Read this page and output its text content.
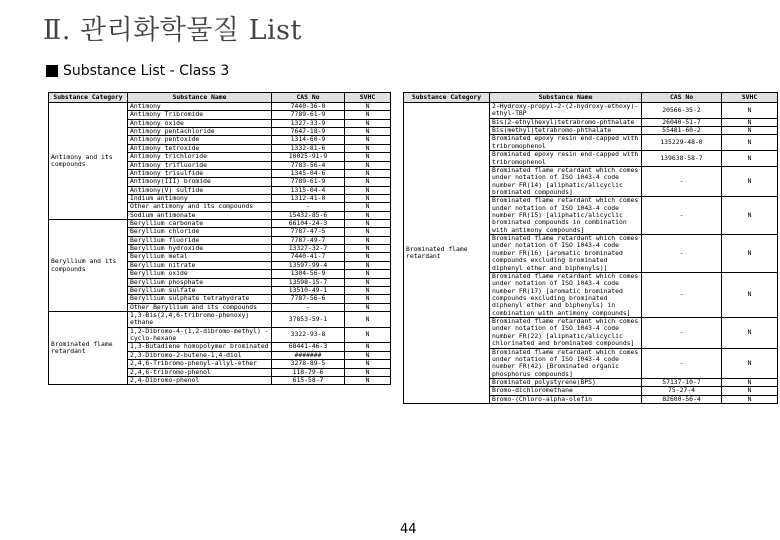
Ⅱ. 관리화학물질 List
Substance List - Class 3
Substance Category	Substance Name	CAS No	SVHC
Antimony and its compounds	Antimony	7440-36-0	N
	Antimony Tribromide	7789-61-9	N
	Antimony oxide	1327-33-9	N
	Antimony pentachloride	7647-18-9	N
	Antimony pentoxide	1314-60-9	N
	Antimony tetroxide	1332-81-6	N
	Antimony trichloride	10025-91-9	N
	Antimony trifluoride	7783-56-4	N
	Antimony trisulfide	1345-04-6	N
	Antimony(III) bromide	7789-61-9	N
	Antimony(V) sulfide	1315-04-4	N
	Indium antimony	1312-41-0	N
	Other antimony and its compounds	-	N
	Sodium antimonate	15432-85-6	N
Beryllium and its compounds	Beryllium carbonate	66104-24-3	N
	Beryllium chloride	7787-47-5	N
	Beryllium fluoride	7787-49-7	N
	Beryllium hydroxide	13327-32-7	N
	Beryllium metal	7440-41-7	N
	Beryllium nitrate	13597-99-4	N
	Beryllium oxide	1304-56-9	N
	Beryllium phosphate	13598-15-7	N
	Beryllium sulfate	13510-49-1	N
	Beryllium sulphate tetrahydrate	7787-56-6	N
	Other Beryllium and its compounds	-	N
Brominated flame retardant	1,3-Bis(2,4,6-tribromo-phenoxy) ethane	37853-59-1	N
	1,2-Dibromo-4-(1,2-dibromo-methyl) -cyclo-hexane	3322-93-8	N
	1,3-Butadiene homopolymer brominated	68441-46-3	N
	2,3-Dibromo-2-butene-1,4-diol	#######	N
	2,4,6-Tribromo-phenyl-allyl-ether	3278-89-5	N
	2,4,6-tribromo-phenol	118-79-6	N
	2,4-Dibromo-phenol	615-58-7	N
Substance Category	Substance Name	CAS No	SVHC
Brominated flame retardant	2-Hydroxy-propyl-2-(2-hydroxy-ethoxy)-ethyl-TBP	20566-35-2	N
	Bis(2-ethylhexyl)tetrabromo-phthalate	26040-51-7	N
	Bis(methyl)tetrabromo-phthalate	55481-60-2	N
	Brominated epoxy resin end-capped with tribromophenol	135229-48-0	N
	Brominated epoxy resin end-capped with tribromophenol	139638-58-7	N
	Brominated flame retardant which comes under notation of ISO 1043-4 code number FR(14) [aliphatic/alicyclic brominated compounds]	-	N
	Brominated flame retardant which comes under notation of ISO 1043-4 code number FR(15) [aliphatic/alicyclic brominated compounds in combination with antimony compounds]	-	N
	Brominated flame retardant which comes under notation of ISO 1043-4 code number FR(16) [aromatic brominated compounds excluding brominated diphenyl ether and biphenyls)]	-	N
	Brominated flame retardant which comes under notation of ISO 1043-4 code number FR(17) [aromatic brominated compounds excluding brominated diphenyl ether and biphenyls) in combination with antimony compounds]	-	N
	Brominated flame retardant which comes under notation of ISO 1043-4 code number FR(22) [aliphatic/alicyclic chlorinated and brominated compounds]	-	N
	Brominated flame retardant which comes under notation of ISO 1043-4 code number FR(42) [Brominated organic phosphorus compounds]	-	N
	Brominated polystyrene(BPS)	57137-10-7	N
	Bromo-dichloromethane	75-27-4	N
	Bromo-(Chloro-alpha-olefin	82600-56-4	N
44
